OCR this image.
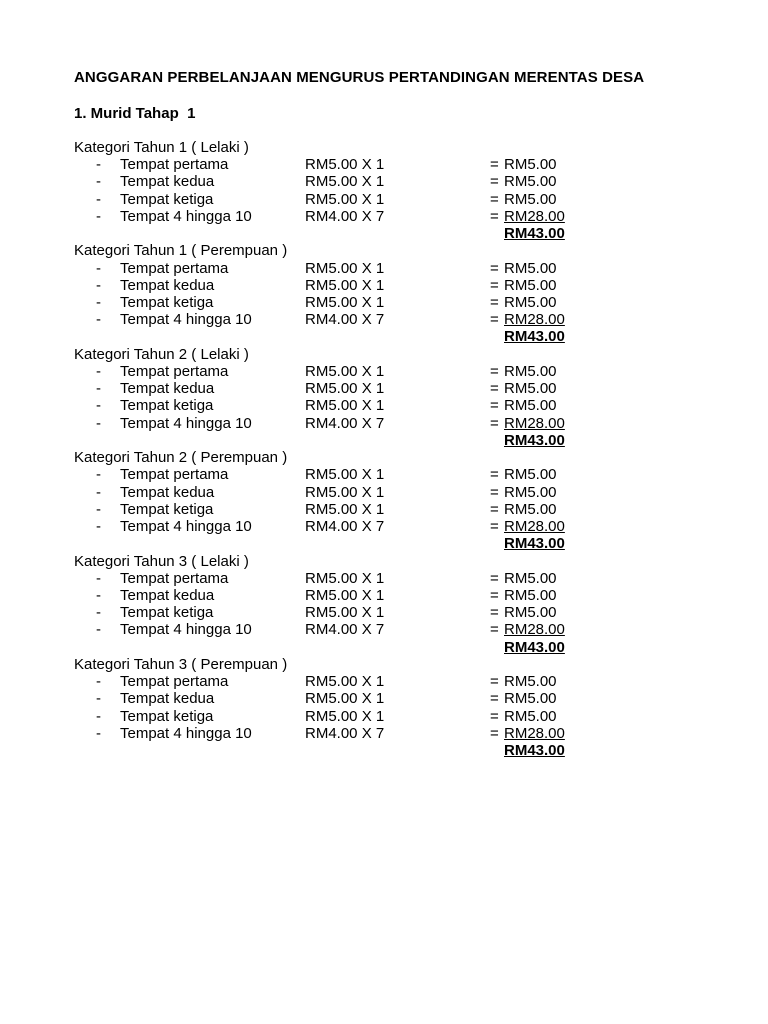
ANGGARAN PERBELANJAAN MENGURUS PERTANDINGAN MERENTAS DESA
1. Murid Tahap  1
Kategori Tahun 1 ( Lelaki )
- Tempat pertama	RM5.00 X 1	= RM5.00
- Tempat kedua	RM5.00 X 1	= RM5.00
- Tempat ketiga	RM5.00 X 1	= RM5.00
- Tempat 4 hingga 10	RM4.00 X 7	= RM28.00
RM43.00
Kategori Tahun 1 ( Perempuan )
- Tempat pertama	RM5.00 X 1	= RM5.00
- Tempat kedua	RM5.00 X 1	= RM5.00
- Tempat ketiga	RM5.00 X 1	= RM5.00
- Tempat 4 hingga 10	RM4.00 X 7	= RM28.00
RM43.00
Kategori Tahun 2 ( Lelaki )
- Tempat pertama	RM5.00 X 1	= RM5.00
- Tempat kedua	RM5.00 X 1	= RM5.00
- Tempat ketiga	RM5.00 X 1	= RM5.00
- Tempat 4 hingga 10	RM4.00 X 7	= RM28.00
RM43.00
Kategori Tahun 2 ( Perempuan )
- Tempat pertama	RM5.00 X 1	= RM5.00
- Tempat kedua	RM5.00 X 1	= RM5.00
- Tempat ketiga	RM5.00 X 1	= RM5.00
- Tempat 4 hingga 10	RM4.00 X 7	= RM28.00
RM43.00
Kategori Tahun 3 ( Lelaki )
- Tempat pertama	RM5.00 X 1	= RM5.00
- Tempat kedua	RM5.00 X 1	= RM5.00
- Tempat ketiga	RM5.00 X 1	= RM5.00
- Tempat 4 hingga 10	RM4.00 X 7	= RM28.00
RM43.00
Kategori Tahun 3 ( Perempuan )
- Tempat pertama	RM5.00 X 1	= RM5.00
- Tempat kedua	RM5.00 X 1	= RM5.00
- Tempat ketiga	RM5.00 X 1	= RM5.00
- Tempat 4 hingga 10	RM4.00 X 7	= RM28.00
RM43.00
